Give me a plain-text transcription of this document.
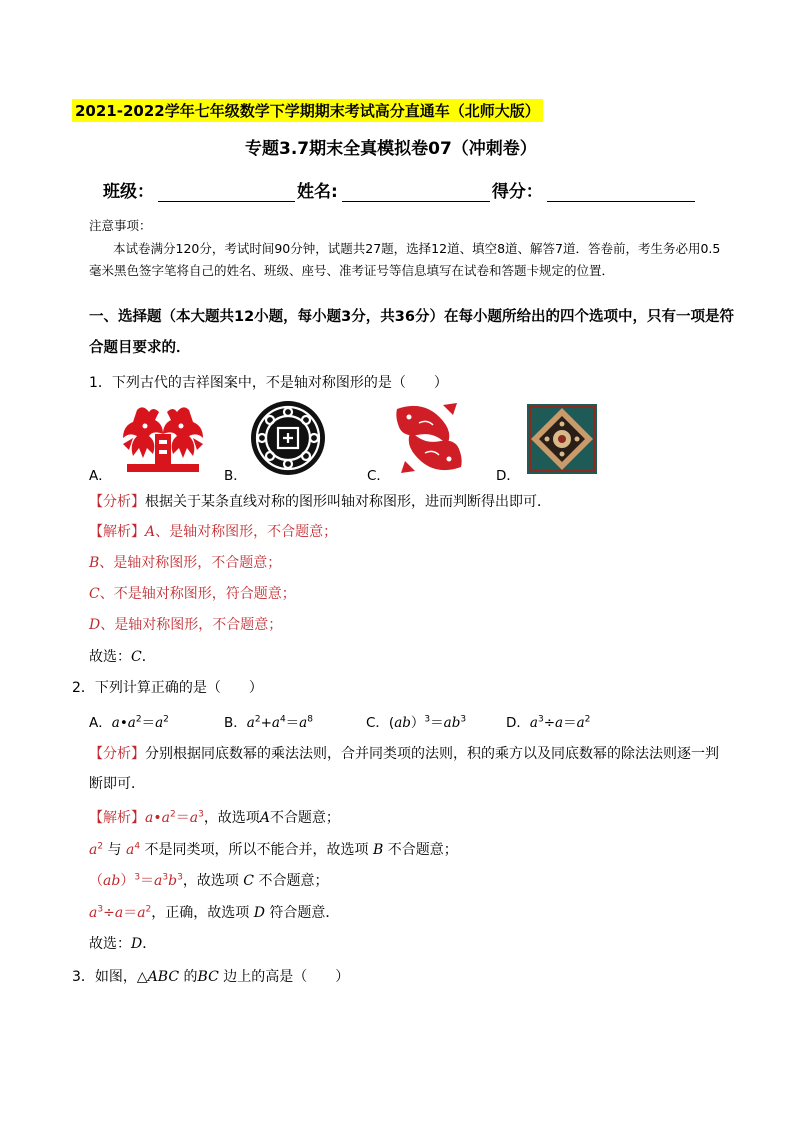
2021-2022学年七年级数学下学期期末考试高分直通车（北师大版）
专题3.7期末全真模拟卷07（冲刺卷）
班级：	姓名:	得分：
注意事项：
本试卷满分120分，考试时间90分钟，试题共27题，选择12道、填空8道、解答7道．答卷前，考生务必用0.5毫米黑色签字笔将自己的姓名、班级、座号、准考证号等信息填写在试卷和答题卡规定的位置．
一、选择题（本大题共12小题，每小题3分，共36分）在每小题所给出的四个选项中，只有一项是符合题目要求的．
1．下列古代的吉祥图案中，不是轴对称图形的是（　　）
A．	B．	C．	D．
【分析】根据关于某条直线对称的图形叫轴对称图形，进而判断得出即可．
【解析】A、是轴对称图形，不合题意；
B、是轴对称图形，不合题意；
C、不是轴对称图形，符合题意；
D、是轴对称图形，不合题意；
故选：C．
2．下列计算正确的是（　　）
A．$a•a^2=a^2$	B．$a^2+a^4=a^8$	C．$(ab)^3=ab^3$	D．$a^3\div a=a^2$
【分析】分别根据同底数幂的乘法法则，合并同类项的法则，积的乘方以及同底数幂的除法法则逐一判
断即可．
【解析】$a•a^2=a^3$，故选项A不合题意；
$a^2$ 与 $a^4$ 不是同类项，所以不能合并，故选项 B 不合题意；
$(ab)^3=a^3b^3$，故选项 C 不合题意；
$a^3\div a=a^2$，正确，故选项 D 符合题意．
故选：D．
3．如图，△ABC 的BC 边上的高是（　　）
